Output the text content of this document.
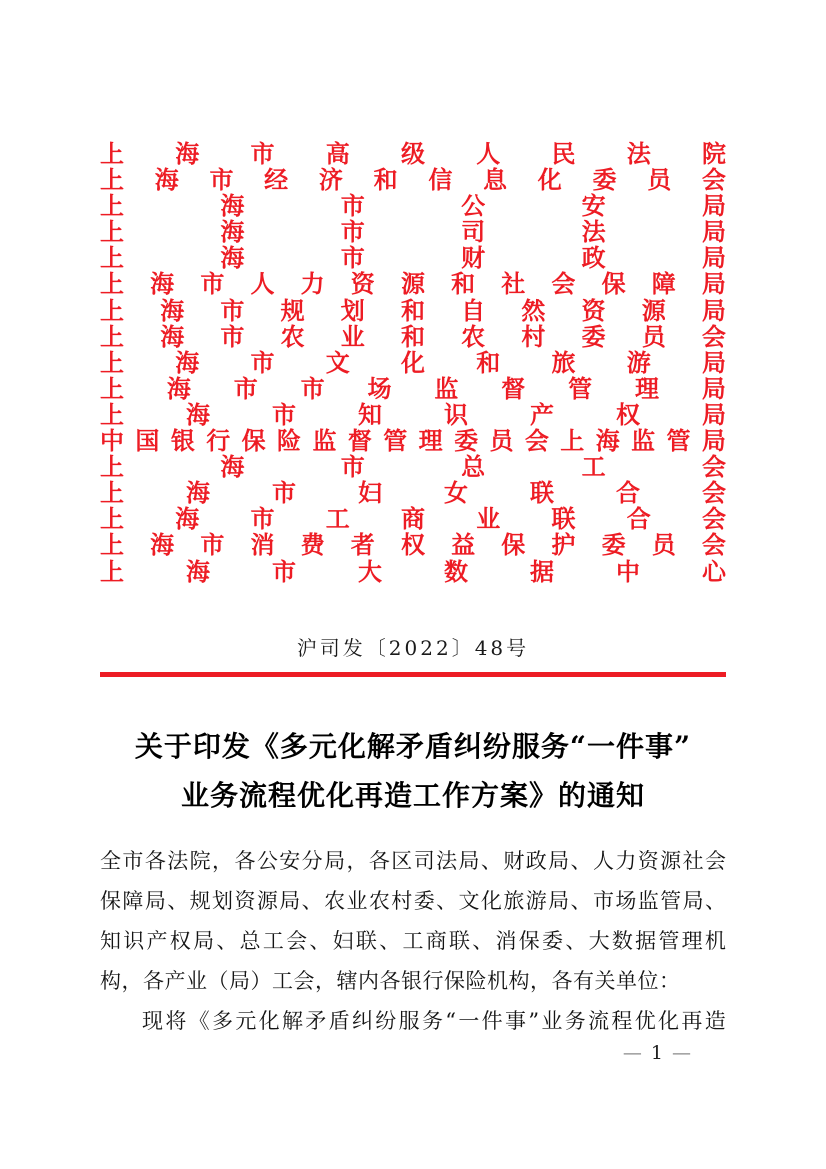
上 海 市 高 级 人 民 法 院
上 海 市 经 济 和 信 息 化 委 员 会
上	海	市	公	安	局
上	海	市	司	法	局
上	海	市	财	政	局
上 海 市 人 力 资 源 和 社 会 保 障 局
上 海 市 规 划 和 自 然 资 源 局
上 海 市 农 业 和 农 村 委 员 会
上 海 市 文 化 和 旅 游 局
上 海 市 市 场 监 督 管 理 局
上	海	市	知	识	产	权	局
中 国 银 行 保 险 监 督 管 理 委 员 会 上 海 监 管 局
上	海	市	总	工	会
上	海	市	妇	女	联	合	会
上 海 市 工 商 业 联 合 会
上 海 市 消 费 者 权 益 保 护 委 员 会
上	海	市	大	数	据	中	心
沪司发〔2022〕48号
关于印发《多元化解矛盾纠纷服务“一件事”
业务流程优化再造工作方案》的通知
全 市 各 法 院 ， 各 公 安 分 局 ， 各 区 司 法 局 、 财 政 局 、 人 力 资 源 社 会
保 障 局 、 规 划 资 源 局 、 农 业 农 村 委 、 文 化 旅 游 局 、 市 场 监 管 局 、
知 识 产 权 局 、 总 工 会 、 妇 联 、 工 商 联 、 消 保 委 、 大 数 据 管 理 机
构，各产业（局）工会，辖内各银行保险机构，各有关单位：
现 将 《 多 元 化 解 矛 盾 纠 纷 服 务 “ 一 件 事 ” 业 务 流 程 优 化 再 造
— 1 —
